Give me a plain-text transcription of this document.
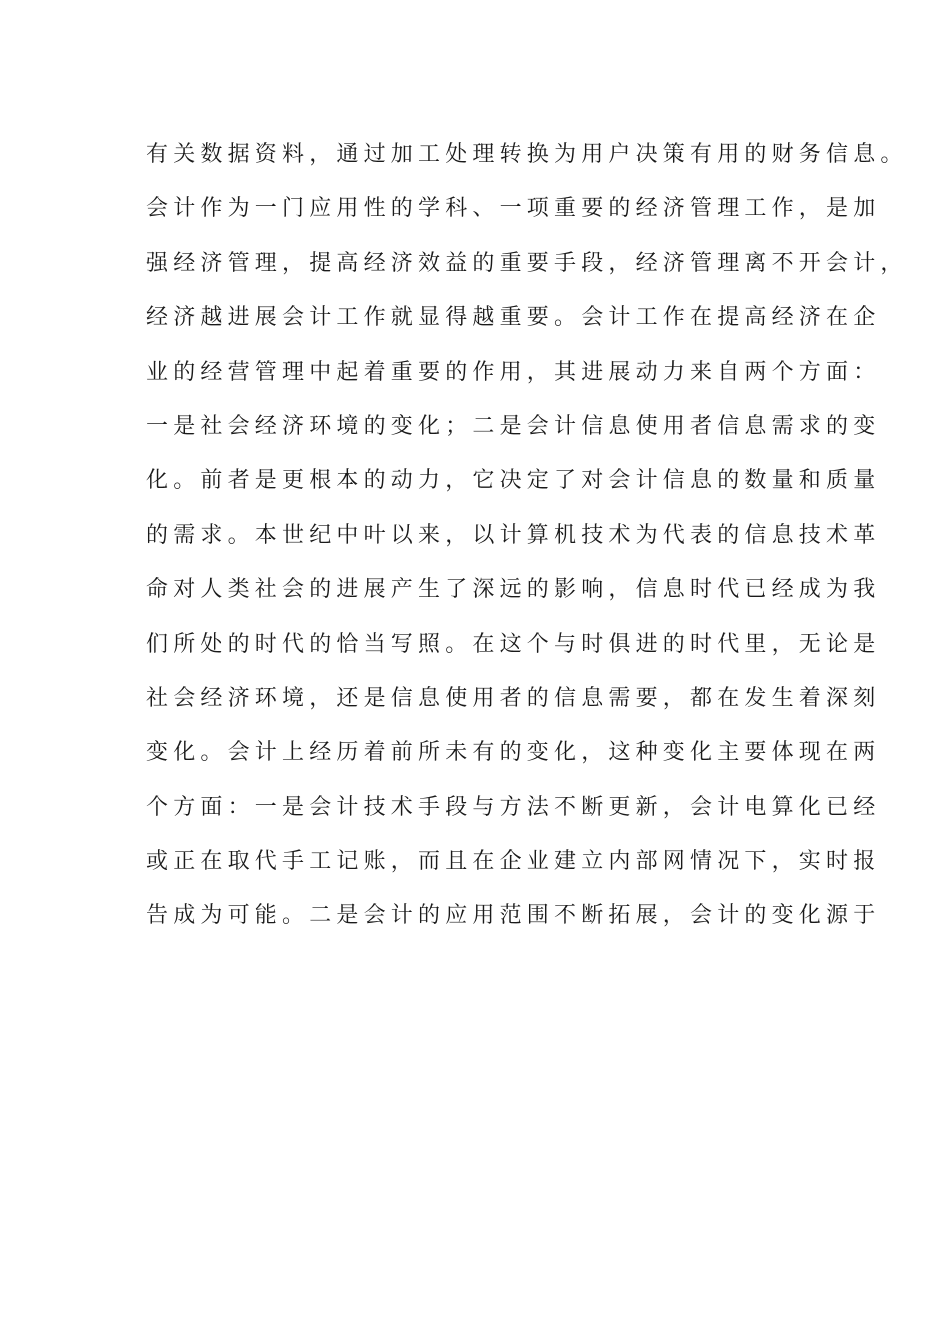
有关数据资料，通过加工处理转换为用户决策有用的财务信息。
会计作为一门应用性的学科、一项重要的经济管理工作，是加
强经济管理，提高经济效益的重要手段，经济管理离不开会计，
经济越进展会计工作就显得越重要。会计工作在提高经济在企
业的经营管理中起着重要的作用，其进展动力来自两个方面：
一是社会经济环境的变化；二是会计信息使用者信息需求的变
化。前者是更根本的动力，它决定了对会计信息的数量和质量
的需求。本世纪中叶以来，以计算机技术为代表的信息技术革
命对人类社会的进展产生了深远的影响，信息时代已经成为我
们所处的时代的恰当写照。在这个与时俱进的时代里，无论是
社会经济环境，还是信息使用者的信息需要，都在发生着深刻
变化。会计上经历着前所未有的变化，这种变化主要体现在两
个方面：一是会计技术手段与方法不断更新，会计电算化已经
或正在取代手工记账，而且在企业建立内部网情况下，实时报
告成为可能。二是会计的应用范围不断拓展，会计的变化源于
